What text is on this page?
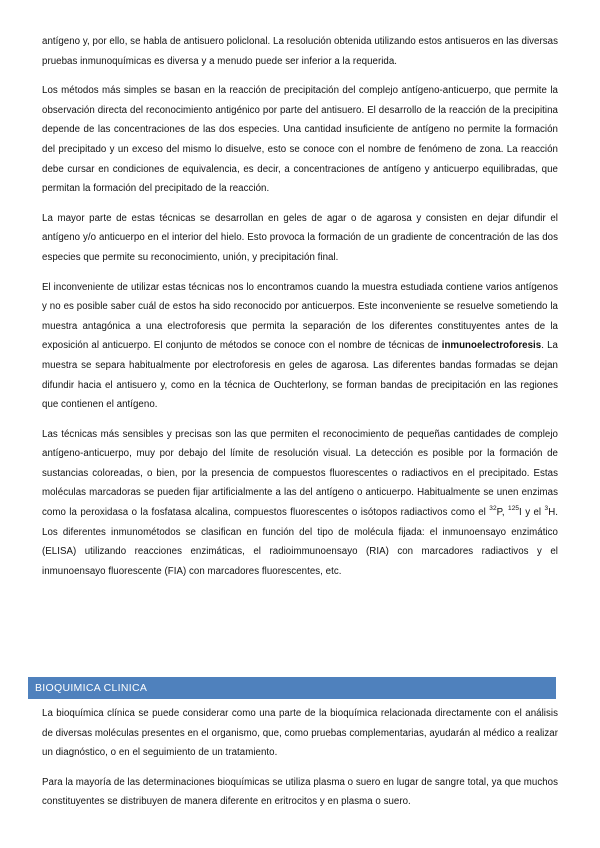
antígeno y, por ello, se habla de antisuero policlonal. La resolución obtenida utilizando estos antisueros en las diversas pruebas inmunoquímicas es diversa y a menudo puede ser inferior a la requerida.

Los métodos más simples se basan en la reacción de precipitación del complejo antígeno-anticuerpo, que permite la observación directa del reconocimiento antigénico por parte del antisuero. El desarrollo de la reacción de la precipitina depende de las concentraciones de las dos especies. Una cantidad insuficiente de antígeno no permite la formación del precipitado y un exceso del mismo lo disuelve, esto se conoce con el nombre de fenómeno de zona. La reacción debe cursar en condiciones de equivalencia, es decir, a concentraciones de antígeno y anticuerpo equilibradas, que permitan la formación del precipitado de la reacción.

La mayor parte de estas técnicas se desarrollan en geles de agar o de agarosa y consisten en dejar difundir el antígeno y/o anticuerpo en el interior del hielo. Esto provoca la formación de un gradiente de concentración de las dos especies que permite su reconocimiento, unión, y precipitación final.

El inconveniente de utilizar estas técnicas nos lo encontramos cuando la muestra estudiada contiene varios antígenos y no es posible saber cuál de estos ha sido reconocido por anticuerpos. Este inconveniente se resuelve sometiendo la muestra antagónica a una electroforesis que permita la separación de los diferentes constituyentes antes de la exposición al anticuerpo. El conjunto de métodos se conoce con el nombre de técnicas de inmunoelectroforesis. La muestra se separa habitualmente por electroforesis en geles de agarosa. Las diferentes bandas formadas se dejan difundir hacia el antisuero y, como en la técnica de Ouchterlony, se forman bandas de precipitación en las regiones que contienen el antígeno.

Las técnicas más sensibles y precisas son las que permiten el reconocimiento de pequeñas cantidades de complejo antígeno-anticuerpo, muy por debajo del límite de resolución visual. La detección es posible por la formación de sustancias coloreadas, o bien, por la presencia de compuestos fluorescentes o radiactivos en el precipitado. Estas moléculas marcadoras se pueden fijar artificialmente a las del antígeno o anticuerpo. Habitualmente se unen enzimas como la peroxidasa o la fosfatasa alcalina, compuestos fluorescentes o isótopos radiactivos como el $^{32}$P, $^{125}$I y el $^3$H. Los diferentes inmunométodos se clasifican en función del tipo de molécula fijada: el inmunoensayo enzimático (ELISA) utilizando reacciones enzimáticas, el radioimmunoensayo (RIA) con marcadores radiactivos y el inmunoensayo fluorescente (FIA) con marcadores fluorescentes, etc.

BIOQUIMICA CLINICA

La bioquímica clínica se puede considerar como una parte de la bioquímica relacionada directamente con el análisis de diversas moléculas presentes en el organismo, que, como pruebas complementarias, ayudarán al médico a realizar un diagnóstico, o en el seguimiento de un tratamiento.

Para la mayoría de las determinaciones bioquímicas se utiliza plasma o suero en lugar de sangre total, ya que muchos constituyentes se distribuyen de manera diferente en eritrocitos y en plasma o suero.
